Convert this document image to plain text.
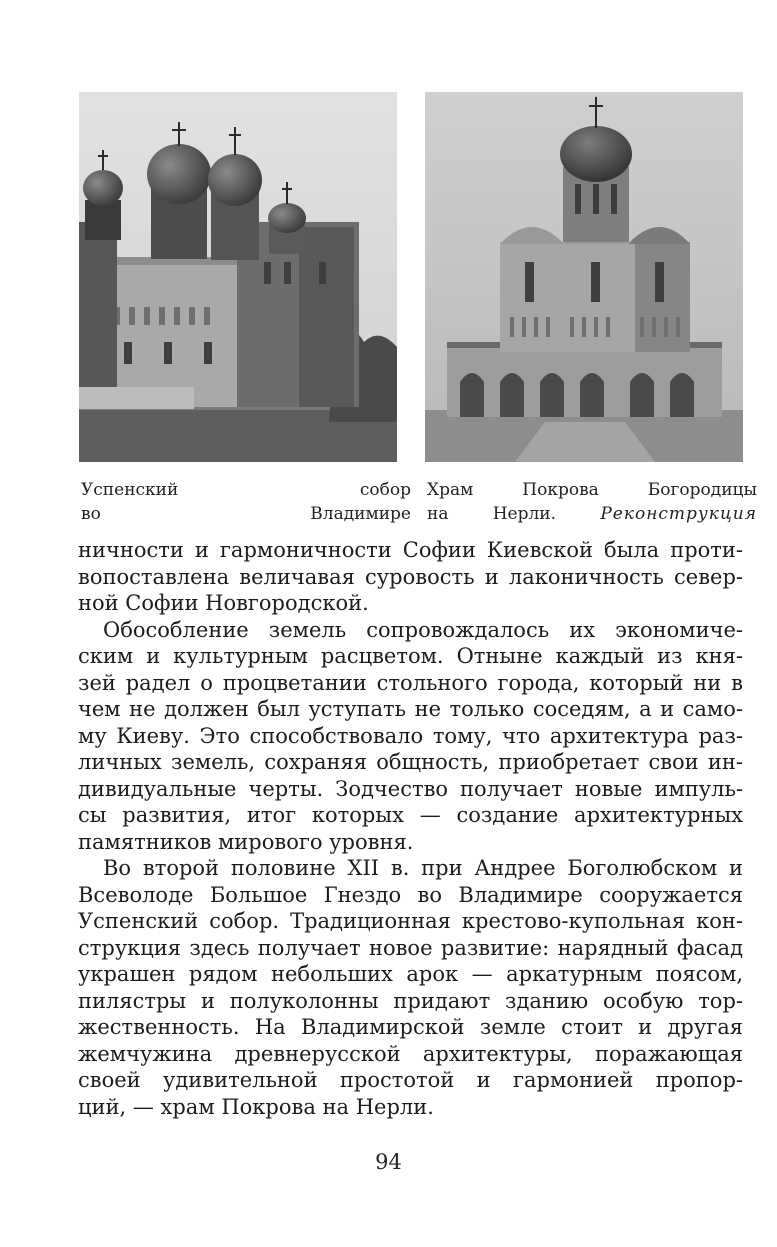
Успенский собор
во Владимире
Храм Покрова Богородицы
на Нерли.	Реконструкция
ничности и гармоничности Софии Киевской была проти-
вопоставлена величавая суровость и лаконичность север-
ной Софии Новгородской.
Обособление земель сопровождалось их экономиче-
ским и культурным расцветом. Отныне каждый из кня-
зей радел о процветании стольного города, который ни в
чем не должен был уступать не только соседям, а и само-
му Киеву. Это способствовало тому, что архитектура раз-
личных земель, сохраняя общность, приобретает свои ин-
дивидуальные черты. Зодчество получает новые импуль-
сы развития, итог которых — создание архитектурных
памятников мирового уровня.
Во второй половине XII в. при Андрее Боголюбском и
Всеволоде Большое Гнездо во Владимире сооружается
Успенский собор. Традиционная крестово-купольная кон-
струкция здесь получает новое развитие: нарядный фасад
украшен рядом небольших арок — аркатурным поясом,
пилястры и полуколонны придают зданию особую тор-
жественность. На Владимирской земле стоит и другая
жемчужина древнерусской архитектуры, поражающая
своей удивительной простотой и гармонией пропор-
ций, — храм Покрова на Нерли.
94
